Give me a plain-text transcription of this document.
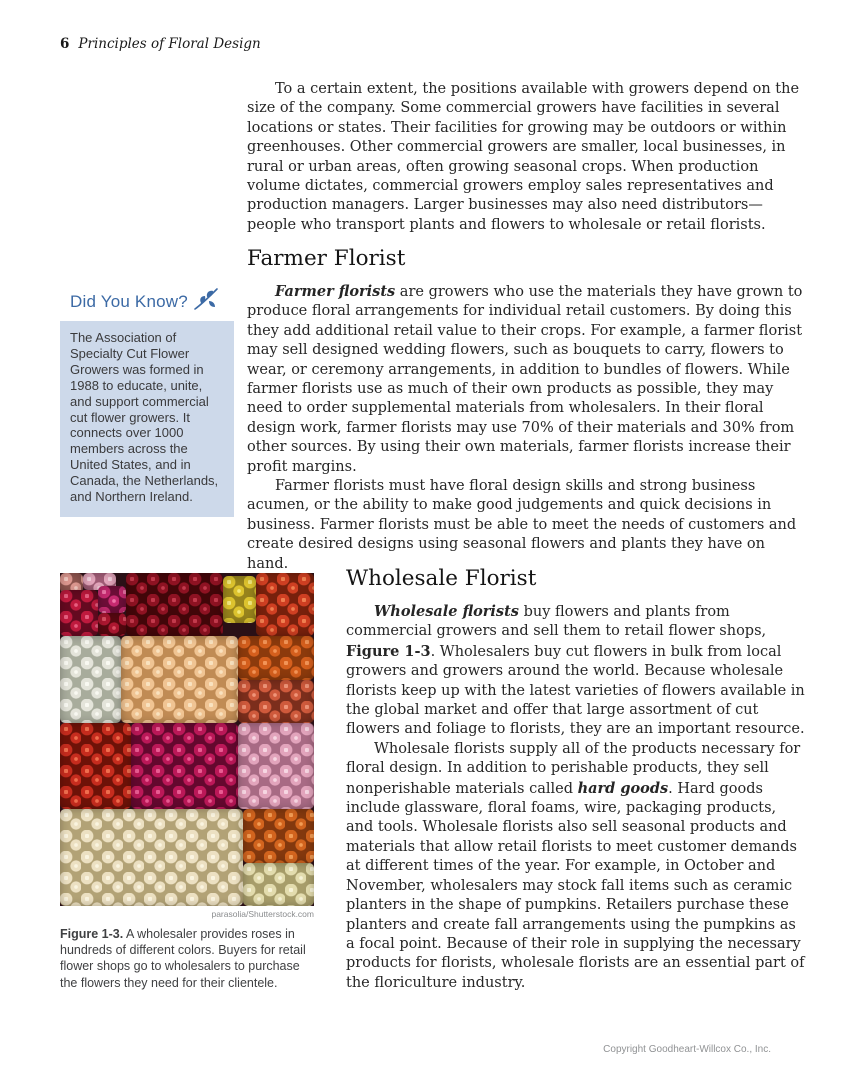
6 Principles of Floral Design

To a certain extent, the positions available with growers depend on the size of the company. Some commercial growers have facilities in several locations or states. Their facilities for growing may be outdoors or within greenhouses. Other commercial growers are smaller, local businesses, in rural or urban areas, often growing seasonal crops. When production volume dictates, commercial growers employ sales representatives and production managers. Larger businesses may also need distributors—people who transport plants and flowers to wholesale or retail florists.

Farmer Florist

Farmer florists are growers who use the materials they have grown to produce floral arrangements for individual retail customers. By doing this they add additional retail value to their crops. For example, a farmer florist may sell designed wedding flowers, such as bouquets to carry, flowers to wear, or ceremony arrangements, in addition to bundles of flowers. While farmer florists use as much of their own products as possible, they may need to order supplemental materials from wholesalers. In their floral design work, farmer florists may use 70% of their materials and 30% from other sources. By using their own materials, farmer florists increase their profit margins.

Farmer florists must have floral design skills and strong business acumen, or the ability to make good judgements and quick decisions in business. Farmer florists must be able to meet the needs of customers and create desired designs using seasonal flowers and plants they have on hand.

Did You Know?
The Association of Specialty Cut Flower Growers was formed in 1988 to educate, unite, and support commercial cut flower growers. It connects over 1000 members across the United States, and in Canada, the Netherlands, and Northern Ireland.
parasolia/Shutterstock.com
Figure 1-3. A wholesaler provides roses in hundreds of different colors. Buyers for retail flower shops go to wholesalers to purchase the flowers they need for their clientele.
Wholesale Florist

Wholesale florists buy flowers and plants from commercial growers and sell them to retail flower shops, Figure 1-3. Wholesalers buy cut flowers in bulk from local growers and growers around the world. Because wholesale florists keep up with the latest varieties of flowers available in the global market and offer that large assortment of cut flowers and foliage to florists, they are an important resource.

Wholesale florists supply all of the products necessary for floral design. In addition to perishable products, they sell nonperishable materials called hard goods. Hard goods include glassware, floral foams, wire, packaging products, and tools. Wholesale florists also sell seasonal products and materials that allow retail florists to meet customer demands at different times of the year. For example, in October and November, wholesalers may stock fall items such as ceramic planters in the shape of pumpkins. Retailers purchase these planters and create fall arrangements using the pumpkins as a focal point. Because of their role in supplying the necessary products for florists, wholesale florists are an essential part of the floriculture industry.

Copyright Goodheart-Willcox Co., Inc.
